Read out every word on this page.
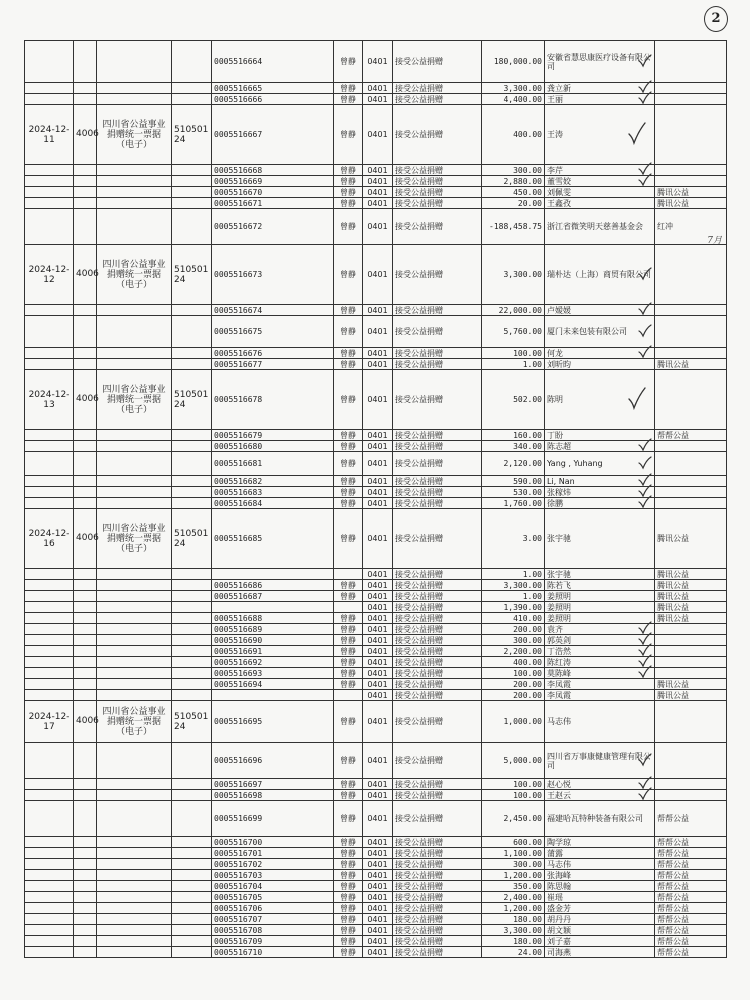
2
				0005516664	曾静	0401	接受公益捐赠	180,000.00	安徽省慧思康医疗设备有限公司

				0005516665	曾静	0401	接受公益捐赠	3,300.00	龚立新

				0005516666	曾静	0401	接受公益捐赠	4,400.00	王丽

2024-12-11	4006	四川省公益事业捐赠统一票据（电子）	51050124	0005516667	曾静	0401	接受公益捐赠	400.00	王涛

				0005516668	曾静	0401	接受公益捐赠	300.00	李芹

				0005516669	曾静	0401	接受公益捐赠	2,880.00	董雪姣

				0005516670	曾静	0401	接受公益捐赠	450.00	刘佩雯	腾讯公益
				0005516671	曾静	0401	接受公益捐赠	20.00	王鑫孜	腾讯公益
				0005516672	曾静	0401	接受公益捐赠	-188,458.75	浙江省微笑明天慈善基金会	红冲
7月

2024-12-12	4006	四川省公益事业捐赠统一票据（电子）	51050124	0005516673	曾静	0401	接受公益捐赠	3,300.00	瑞朴达（上海）商贸有限公司

				0005516674	曾静	0401	接受公益捐赠	22,000.00	卢嫒媛

				0005516675	曾静	0401	接受公益捐赠	5,760.00	厦门未来包装有限公司

				0005516676	曾静	0401	接受公益捐赠	100.00	何龙

				0005516677	曾静	0401	接受公益捐赠	1.00	刘昕昀	腾讯公益
2024-12-13	4006	四川省公益事业捐赠统一票据（电子）	51050124	0005516678	曾静	0401	接受公益捐赠	502.00	陈明

				0005516679	曾静	0401	接受公益捐赠	160.00	丁盼	帮帮公益
				0005516680	曾静	0401	接受公益捐赠	340.00	陈志超

				0005516681	曾静	0401	接受公益捐赠	2,120.00	Yang , Yuhang

				0005516682	曾静	0401	接受公益捐赠	590.00	Li, Nan

				0005516683	曾静	0401	接受公益捐赠	530.00	张稼炜

				0005516684	曾静	0401	接受公益捐赠	1,760.00	徐鹏

2024-12-16	4006	四川省公益事业捐赠统一票据（电子）	51050124	0005516685	曾静	0401	接受公益捐赠	3.00	张宇驰	腾讯公益
						0401	接受公益捐赠	1.00	张宇驰	腾讯公益
				0005516686	曾静	0401	接受公益捐赠	3,300.00	陈若飞	腾讯公益
				0005516687	曾静	0401	接受公益捐赠	1.00	姜照明	腾讯公益
						0401	接受公益捐赠	1,390.00	姜照明	腾讯公益
				0005516688	曾静	0401	接受公益捐赠	410.00	姜照明	腾讯公益
				0005516689	曾静	0401	接受公益捐赠	200.00	袁齐

				0005516690	曾静	0401	接受公益捐赠	300.00	郭英剑

				0005516691	曾静	0401	接受公益捐赠	2,200.00	丁浩然

				0005516692	曾静	0401	接受公益捐赠	400.00	陈红涛

				0005516693	曾静	0401	接受公益捐赠	100.00	莫陈峰

				0005516694	曾静	0401	接受公益捐赠	200.00	李凤霞	腾讯公益
						0401	接受公益捐赠	200.00	李凤霞	腾讯公益
2024-12-17	4006	四川省公益事业捐赠统一票据（电子）	51050124	0005516695	曾静	0401	接受公益捐赠	1,000.00	马志伟	
				0005516696	曾静	0401	接受公益捐赠	5,000.00	四川省万事康健康管理有限公司

				0005516697	曾静	0401	接受公益捐赠	100.00	赵心悦

				0005516698	曾静	0401	接受公益捐赠	100.00	王赵云

				0005516699	曾静	0401	接受公益捐赠	2,450.00	福建哈瓦特种装备有限公司	帮帮公益
				0005516700	曾静	0401	接受公益捐赠	600.00	陶学琼	帮帮公益
				0005516701	曾静	0401	接受公益捐赠	1,100.00	蒲露	帮帮公益
				0005516702	曾静	0401	接受公益捐赠	300.00	马志伟	帮帮公益
				0005516703	曾静	0401	接受公益捐赠	1,200.00	张海峰	帮帮公益
				0005516704	曾静	0401	接受公益捐赠	350.00	陈思翰	帮帮公益
				0005516705	曾静	0401	接受公益捐赠	2,400.00	崔瑶	帮帮公益
				0005516706	曾静	0401	接受公益捐赠	1,200.00	盛金芳	帮帮公益
				0005516707	曾静	0401	接受公益捐赠	180.00	胡丹丹	帮帮公益
				0005516708	曾静	0401	接受公益捐赠	3,300.00	胡文颖	帮帮公益
				0005516709	曾静	0401	接受公益捐赠	180.00	刘子嘉	帮帮公益
				0005516710	曾静	0401	接受公益捐赠	24.00	司海燕	帮帮公益
